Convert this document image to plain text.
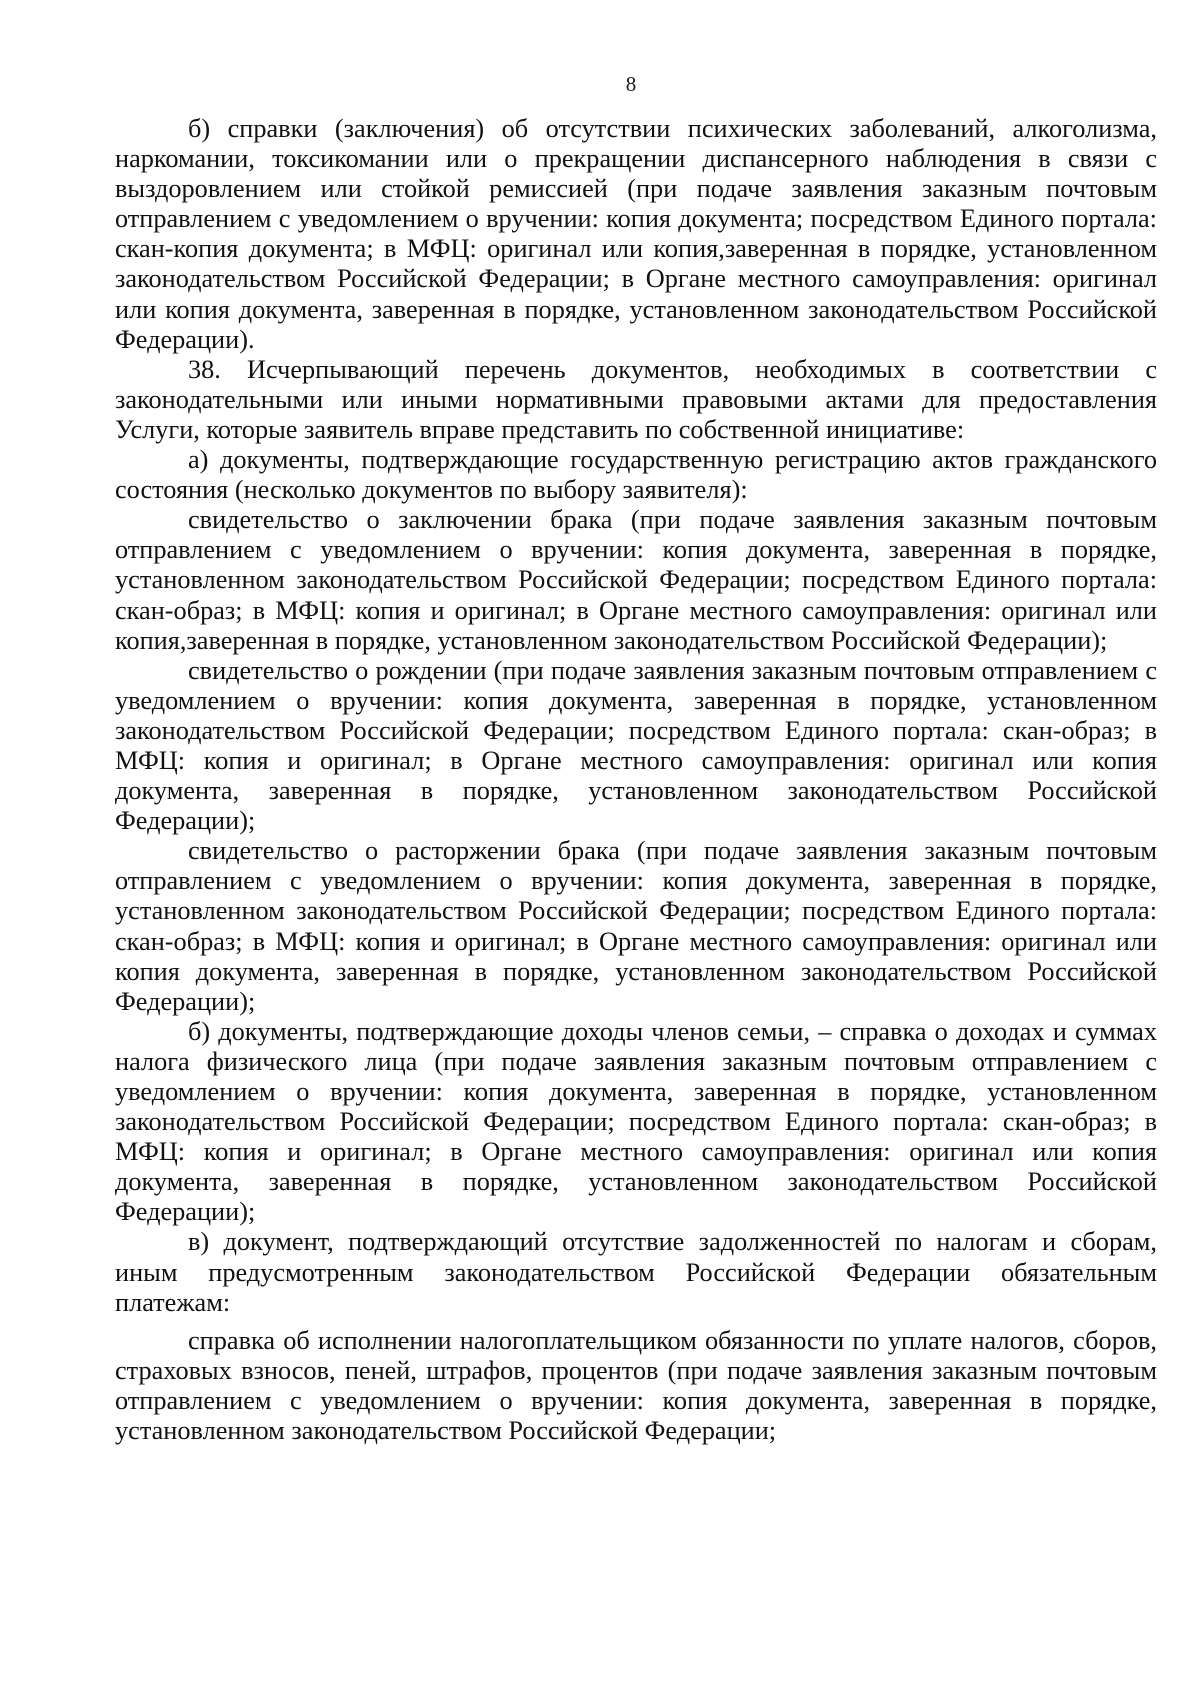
8

б) справки (заключения) об отсутствии психических заболеваний, алкоголизма, наркомании, токсикомании или о прекращении диспансерного наблюдения в связи с выздоровлением или стойкой ремиссией (при подаче заявления заказным почтовым отправлением с уведомлением о вручении: копия документа; посредством Единого портала: скан-копия документа; в МФЦ: оригинал или копия,заверенная в порядке, установленном законодательством Российской Федерации; в Органе местного самоуправления: оригинал или копия документа, заверенная в порядке, установленном законодательством Российской Федерации).

38. Исчерпывающий перечень документов, необходимых в соответствии с законодательными или иными нормативными правовыми актами для предоставления Услуги, которые заявитель вправе представить по собственной инициативе:

а) документы, подтверждающие государственную регистрацию актов гражданского состояния (несколько документов по выбору заявителя):

свидетельство о заключении брака (при подаче заявления заказным почтовым отправлением с уведомлением о вручении: копия документа, заверенная в порядке, установленном законодательством Российской Федерации; посредством Единого портала: скан-образ; в МФЦ: копия и оригинал; в Органе местного самоуправления: оригинал или копия,заверенная в порядке, установленном законодательством Российской Федерации);

свидетельство о рождении (при подаче заявления заказным почтовым отправлением с уведомлением о вручении: копия документа, заверенная в порядке, установленном законодательством Российской Федерации; посредством Единого портала: скан-образ; в МФЦ: копия и оригинал; в Органе местного самоуправления: оригинал или копия документа, заверенная в порядке, установленном законодательством Российской Федерации);

свидетельство о расторжении брака (при подаче заявления заказным почтовым отправлением с уведомлением о вручении: копия документа, заверенная в порядке, установленном законодательством Российской Федерации; посредством Единого портала: скан-образ; в МФЦ: копия и оригинал; в Органе местного самоуправления: оригинал или копия документа, заверенная в порядке, установленном законодательством Российской Федерации);

б) документы, подтверждающие доходы членов семьи, – справка о доходах и суммах налога физического лица (при подаче заявления заказным почтовым отправлением с уведомлением о вручении: копия документа, заверенная в порядке, установленном законодательством Российской Федерации; посредством Единого портала: скан-образ; в МФЦ: копия и оригинал; в Органе местного самоуправления: оригинал или копия документа, заверенная в порядке, установленном законодательством Российской Федерации);

в) документ, подтверждающий отсутствие задолженностей по налогам и сборам, иным предусмотренным законодательством Российской Федерации обязательным платежам:

справка об исполнении налогоплательщиком обязанности по уплате налогов, сборов, страховых взносов, пеней, штрафов, процентов (при подаче заявления заказным почтовым отправлением с уведомлением о вручении: копия документа, заверенная в порядке, установленном законодательством Российской Федерации;
